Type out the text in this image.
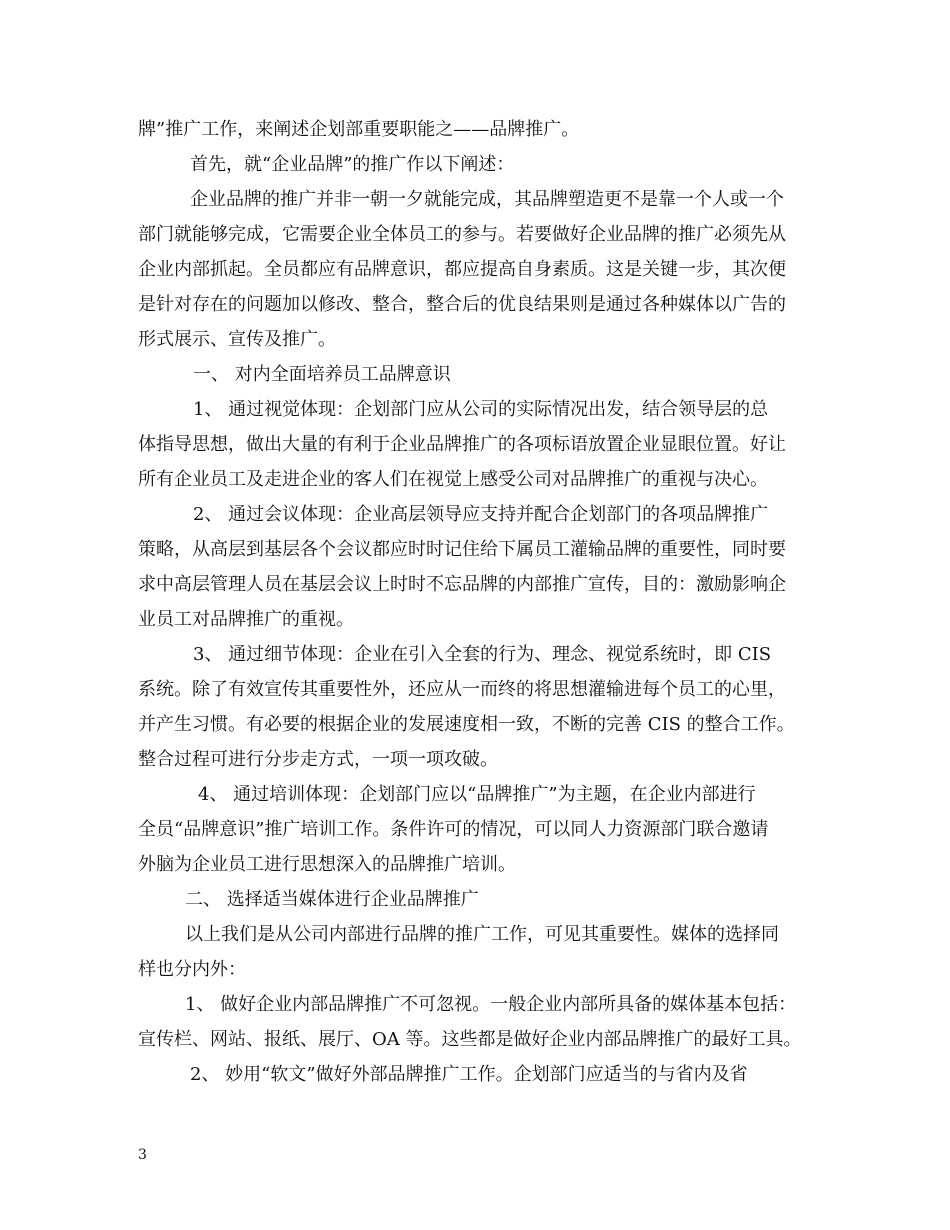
牌”推广工作，来阐述企划部重要职能之——品牌推广。
首先，就“企业品牌”的推广作以下阐述：
企业品牌的推广并非一朝一夕就能完成，其品牌塑造更不是靠一个人或一个
部门就能够完成，它需要企业全体员工的参与。若要做好企业品牌的推广必须先从
企业内部抓起。全员都应有品牌意识，都应提高自身素质。这是关键一步，其次便
是针对存在的问题加以修改、整合，整合后的优良结果则是通过各种媒体以广告的
形式展示、宣传及推广。
一、 对内全面培养员工品牌意识
1、 通过视觉体现：企划部门应从公司的实际情况出发，结合领导层的总
体指导思想，做出大量的有利于企业品牌推广的各项标语放置企业显眼位置。好让
所有企业员工及走进企业的客人们在视觉上感受公司对品牌推广的重视与决心。
2、 通过会议体现：企业高层领导应支持并配合企划部门的各项品牌推广
策略，从高层到基层各个会议都应时时记住给下属员工灌输品牌的重要性，同时要
求中高层管理人员在基层会议上时时不忘品牌的内部推广宣传，目的：激励影响企
业员工对品牌推广的重视。
3、 通过细节体现：企业在引入全套的行为、理念、视觉系统时，即 CIS
系统。除了有效宣传其重要性外，还应从一而终的将思想灌输进每个员工的心里，
并产生习惯。有必要的根据企业的发展速度相一致，不断的完善 CIS 的整合工作。
整合过程可进行分步走方式，一项一项攻破。
4、 通过培训体现：企划部门应以“品牌推广”为主题，在企业内部进行
全员“品牌意识”推广培训工作。条件许可的情况，可以同人力资源部门联合邀请
外脑为企业员工进行思想深入的品牌推广培训。
二、 选择适当媒体进行企业品牌推广
以上我们是从公司内部进行品牌的推广工作，可见其重要性。媒体的选择同
样也分内外：
1、 做好企业内部品牌推广不可忽视。一般企业内部所具备的媒体基本包括：
宣传栏、网站、报纸、展厅、OA 等。这些都是做好企业内部品牌推广的最好工具。
2、 妙用“软文”做好外部品牌推广工作。企划部门应适当的与省内及省
3
